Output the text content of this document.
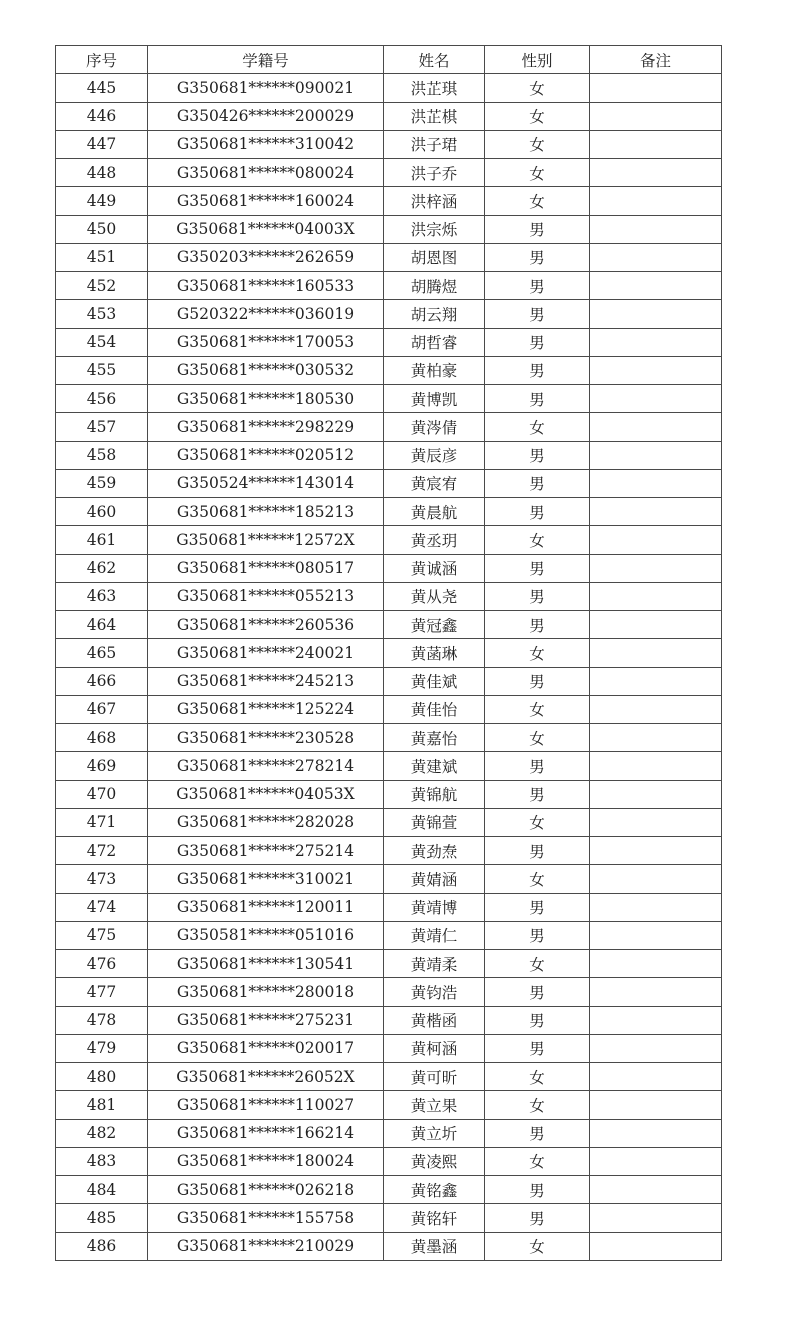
序号	学籍号	姓名	性别	备注
445	G350681******090021	洪芷琪	女	
446	G350426******200029	洪芷棋	女	
447	G350681******310042	洪子珺	女	
448	G350681******080024	洪子乔	女	
449	G350681******160024	洪梓涵	女	
450	G350681******04003X	洪宗烁	男	
451	G350203******262659	胡恩图	男	
452	G350681******160533	胡腾煜	男	
453	G520322******036019	胡云翔	男	
454	G350681******170053	胡哲睿	男	
455	G350681******030532	黄柏豪	男	
456	G350681******180530	黄博凯	男	
457	G350681******298229	黄涔倩	女	
458	G350681******020512	黄辰彦	男	
459	G350524******143014	黄宸宥	男	
460	G350681******185213	黄晨航	男	
461	G350681******12572X	黄丞玥	女	
462	G350681******080517	黄诚涵	男	
463	G350681******055213	黄从尧	男	
464	G350681******260536	黄冠鑫	男	
465	G350681******240021	黄菡琳	女	
466	G350681******245213	黄佳斌	男	
467	G350681******125224	黄佳怡	女	
468	G350681******230528	黄嘉怡	女	
469	G350681******278214	黄建斌	男	
470	G350681******04053X	黄锦航	男	
471	G350681******282028	黄锦萱	女	
472	G350681******275214	黄劲焘	男	
473	G350681******310021	黄婧涵	女	
474	G350681******120011	黄靖博	男	
475	G350581******051016	黄靖仁	男	
476	G350681******130541	黄靖柔	女	
477	G350681******280018	黄钧浩	男	
478	G350681******275231	黄楷函	男	
479	G350681******020017	黄柯涵	男	
480	G350681******26052X	黄可昕	女	
481	G350681******110027	黄立果	女	
482	G350681******166214	黄立圻	男	
483	G350681******180024	黄凌熙	女	
484	G350681******026218	黄铭鑫	男	
485	G350681******155758	黄铭轩	男	
486	G350681******210029	黄墨涵	女	
